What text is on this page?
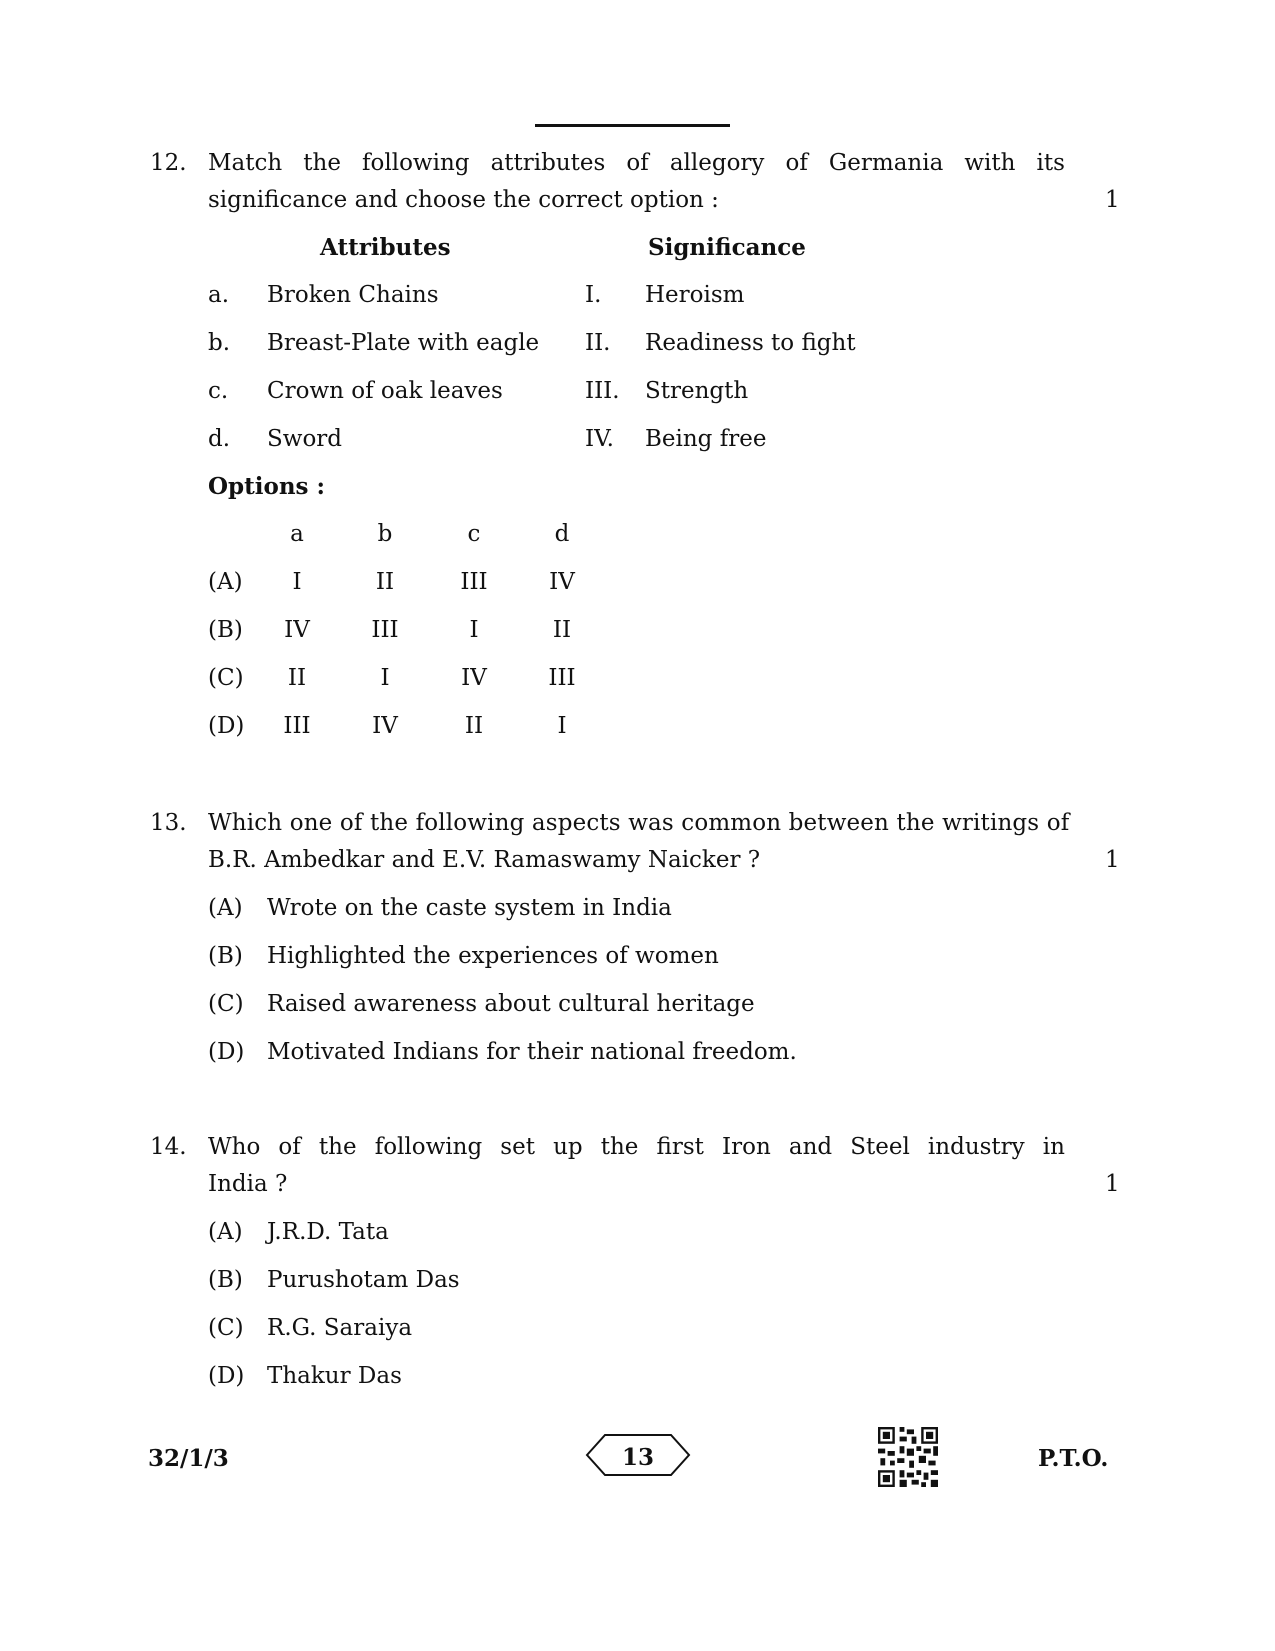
12. Match the following attributes of allegory of Germania with its
significance and choose the correct option :	1
Attributes	Significance
a. Broken Chains	I. Heroism
b. Breast-Plate with eagle II. Readiness to fight
c. Crown of oak leaves	III. Strength
d. Sword	IV. Being free
Options :
a	b	c	d
(A) I	II	III	IV
(B) IV	III	I	II
(C) II	I	IV	III
(D) III	IV	II	I
13. Which one of the following aspects was common between the writings of
B.R. Ambedkar and E.V. Ramaswamy Naicker ?	1
(A) Wrote on the caste system in India
(B) Highlighted the experiences of women
(C) Raised awareness about cultural heritage
(D) Motivated Indians for their national freedom.
14. Who of the following set up the first Iron and Steel industry in
India ?	1
(A) J.R.D. Tata
(B) Purushotam Das
(C) R.G. Saraiya
(D) Thakur Das
32/1/3	13	P.T.O.
